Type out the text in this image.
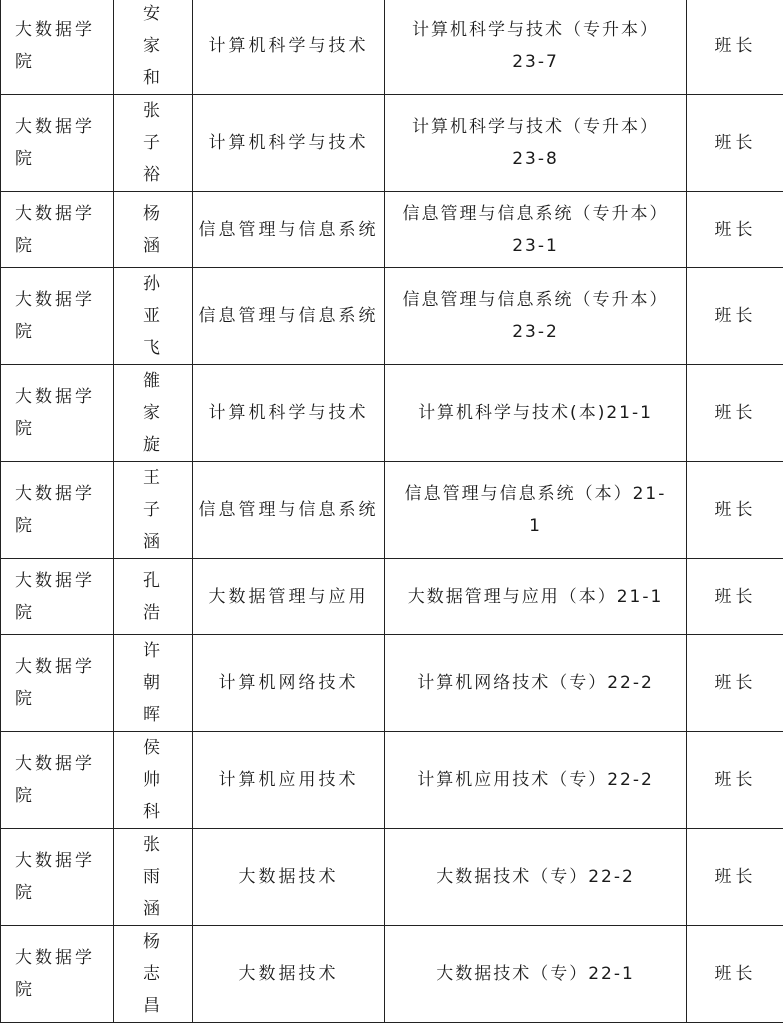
大数据学院	安家和	计算机科学与技术	计算机科学与技术（专升本）23-7	班长
大数据学院	张子裕	计算机科学与技术	计算机科学与技术（专升本）23-8	班长
大数据学院	杨涵	信息管理与信息系统	信息管理与信息系统（专升本）23-1	班长
大数据学院	孙亚飞	信息管理与信息系统	信息管理与信息系统（专升本）23-2	班长
大数据学院	雒家旋	计算机科学与技术	计算机科学与技术(本)21-1	班长
大数据学院	王子涵	信息管理与信息系统	信息管理与信息系统（本）21-1	班长
大数据学院	孔浩	大数据管理与应用	大数据管理与应用（本）21-1	班长
大数据学院	许朝晖	计算机网络技术	计算机网络技术（专）22-2	班长
大数据学院	侯帅科	计算机应用技术	计算机应用技术（专）22-2	班长
大数据学院	张雨涵	大数据技术	大数据技术（专）22-2	班长
大数据学院	杨志昌	大数据技术	大数据技术（专）22-1	班长
